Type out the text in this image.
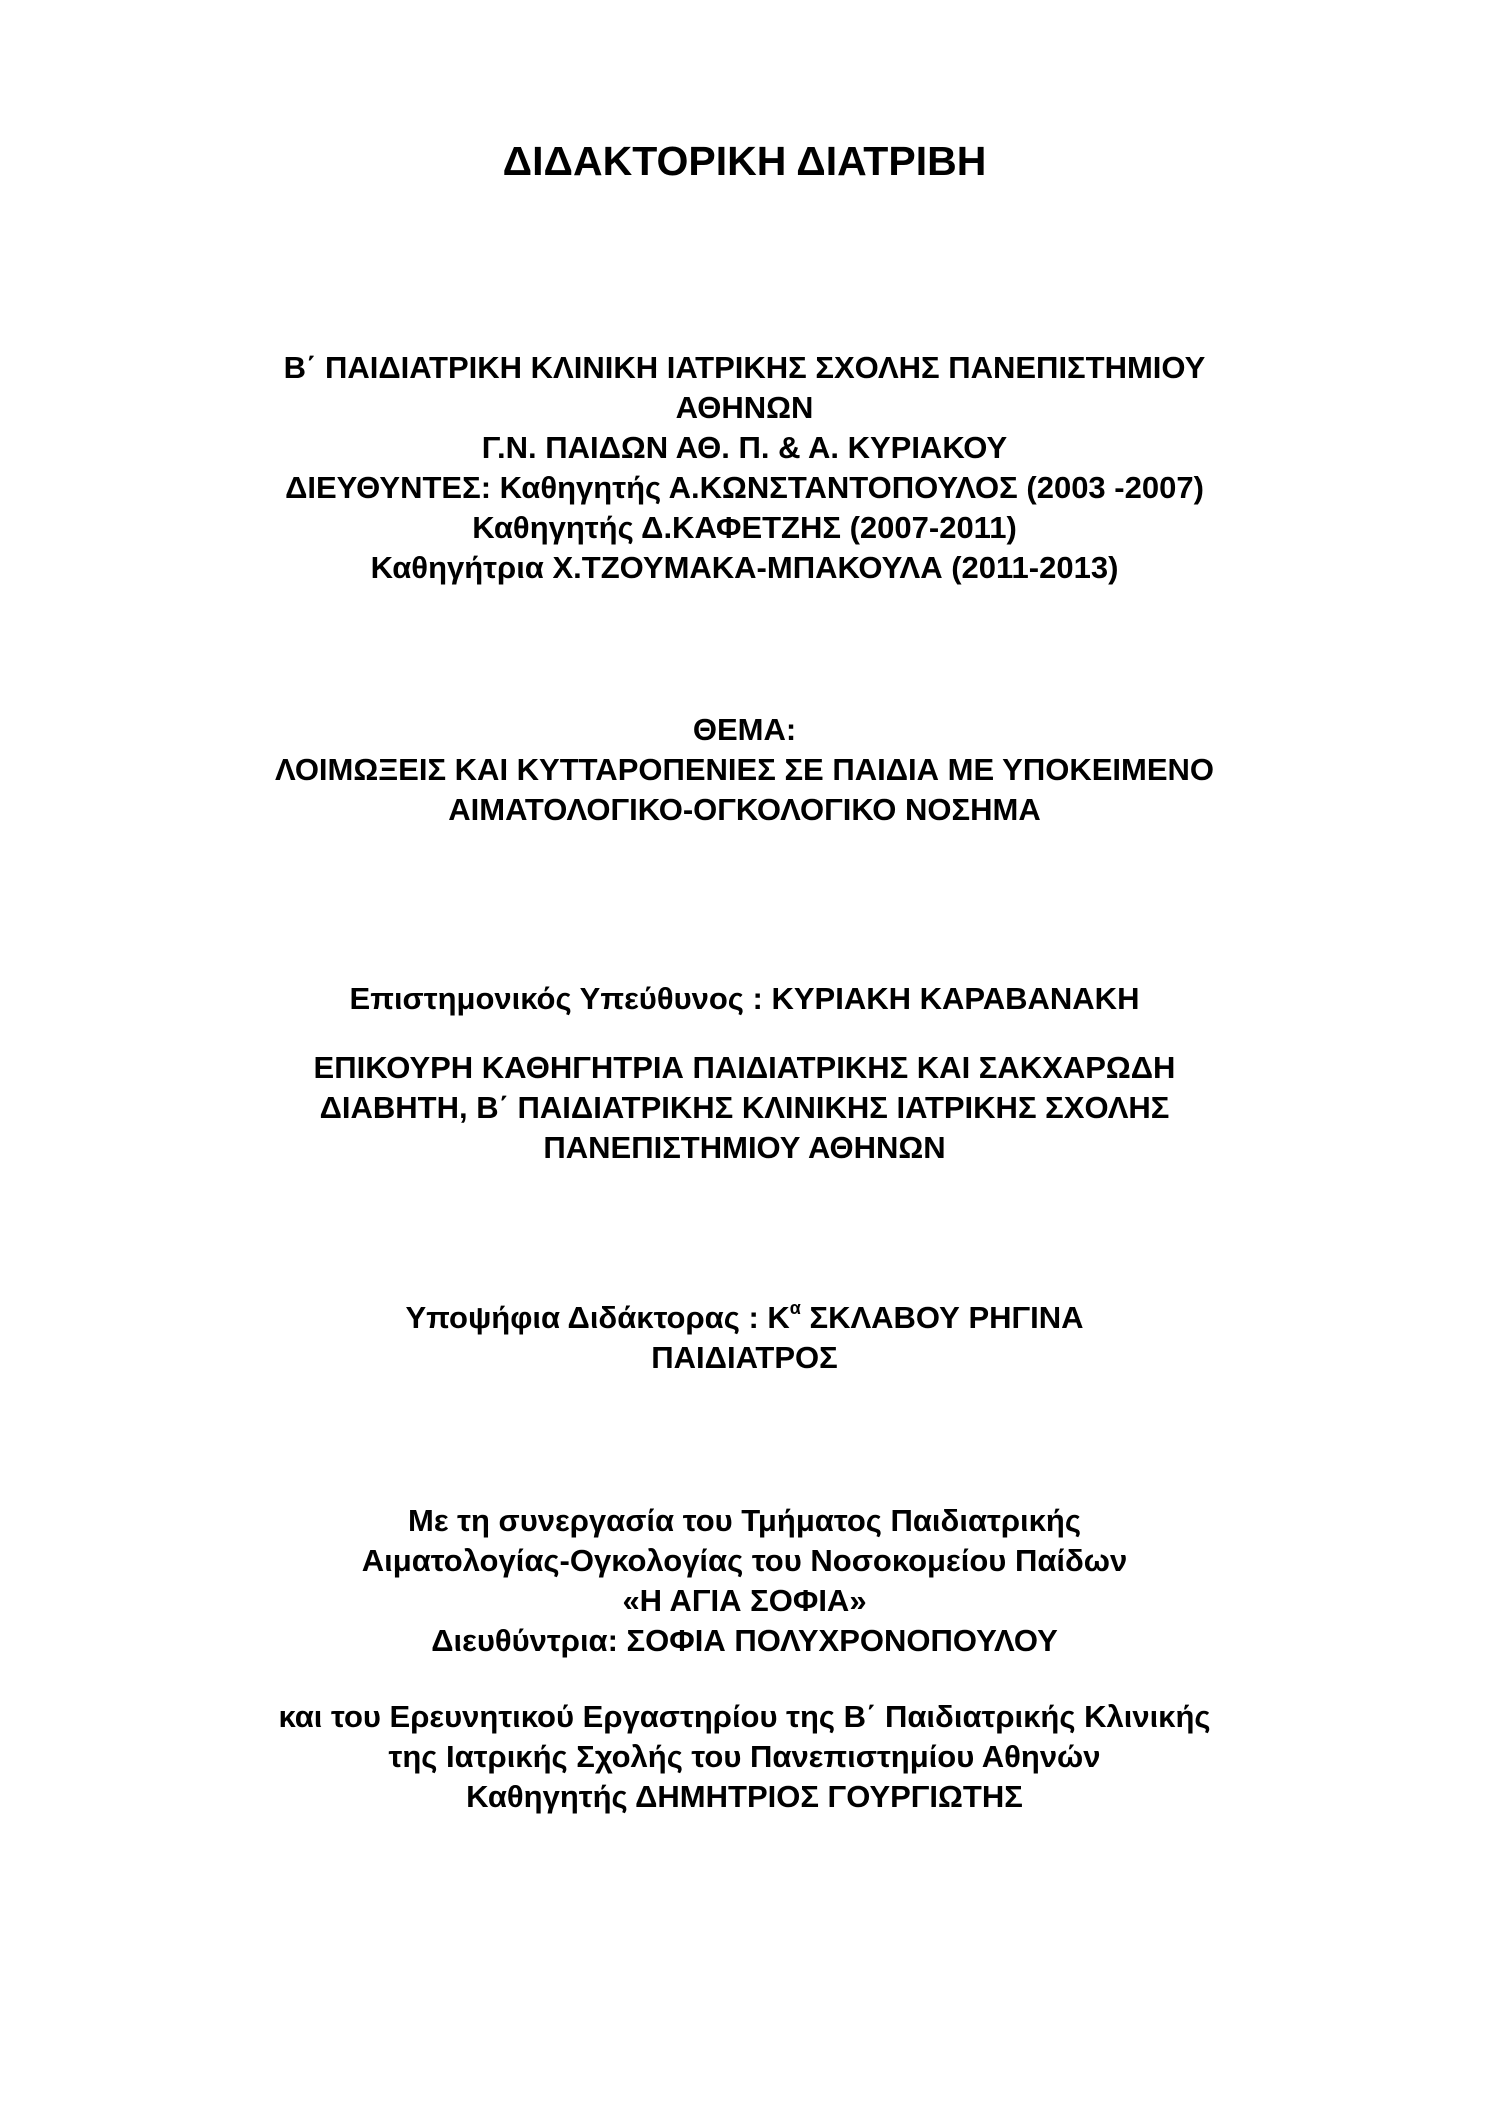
ΔΙΔΑΚΤΟΡΙΚΗ ΔΙΑΤΡΙΒΗ
Β΄ ΠΑΙΔΙΑΤΡΙΚΗ ΚΛΙΝΙΚΗ ΙΑΤΡΙΚΗΣ ΣΧΟΛΗΣ ΠΑΝΕΠΙΣΤΗΜΙΟΥ
ΑΘΗΝΩΝ
Γ.Ν. ΠΑΙΔΩΝ ΑΘ. Π. & Α. ΚΥΡΙΑΚΟΥ
ΔΙΕΥΘΥΝΤΕΣ: Καθηγητής Α.ΚΩΝΣΤΑΝΤΟΠΟΥΛΟΣ (2003 -2007)
Καθηγητής Δ.ΚΑΦΕΤΖΗΣ (2007-2011)
Καθηγήτρια Χ.ΤΖΟΥΜΑΚΑ-ΜΠΑΚΟΥΛΑ (2011-2013)
ΘΕΜΑ:
ΛΟΙΜΩΞΕΙΣ ΚΑΙ ΚΥΤΤΑΡΟΠΕΝΙΕΣ ΣΕ ΠΑΙΔΙΑ ΜΕ ΥΠΟΚΕΙΜΕΝΟ
ΑΙΜΑΤΟΛΟΓΙΚΟ-ΟΓΚΟΛΟΓΙΚΟ ΝΟΣΗΜΑ
Επιστημονικός Υπεύθυνος : ΚΥΡΙΑΚΗ ΚΑΡΑΒΑΝΑΚΗ
ΕΠΙΚΟΥΡΗ ΚΑΘΗΓΗΤΡΙΑ ΠΑΙΔΙΑΤΡΙΚΗΣ ΚΑΙ ΣΑΚΧΑΡΩΔΗ
ΔΙΑΒΗΤΗ, Β΄ ΠΑΙΔΙΑΤΡΙΚΗΣ ΚΛΙΝΙΚΗΣ ΙΑΤΡΙΚΗΣ ΣΧΟΛΗΣ
ΠΑΝΕΠΙΣΤΗΜΙΟΥ ΑΘΗΝΩΝ
Υποψήφια Διδάκτορας : $K^\alpha$ ΣΚΛΑΒΟΥ ΡΗΓΙΝΑ
ΠΑΙΔΙΑΤΡΟΣ
Με τη συνεργασία του Τμήματος Παιδιατρικής
Αιματολογίας-Ογκολογίας του Νοσοκομείου Παίδων
«Η ΑΓΙΑ ΣΟΦΙΑ»
Διευθύντρια: ΣΟΦΙΑ ΠΟΛΥΧΡΟΝΟΠΟΥΛΟΥ
και του Ερευνητικού Εργαστηρίου της Β΄ Παιδιατρικής Κλινικής
της Ιατρικής Σχολής του Πανεπιστημίου Αθηνών
Καθηγητής ΔΗΜΗΤΡΙΟΣ ΓΟΥΡΓΙΩΤΗΣ
